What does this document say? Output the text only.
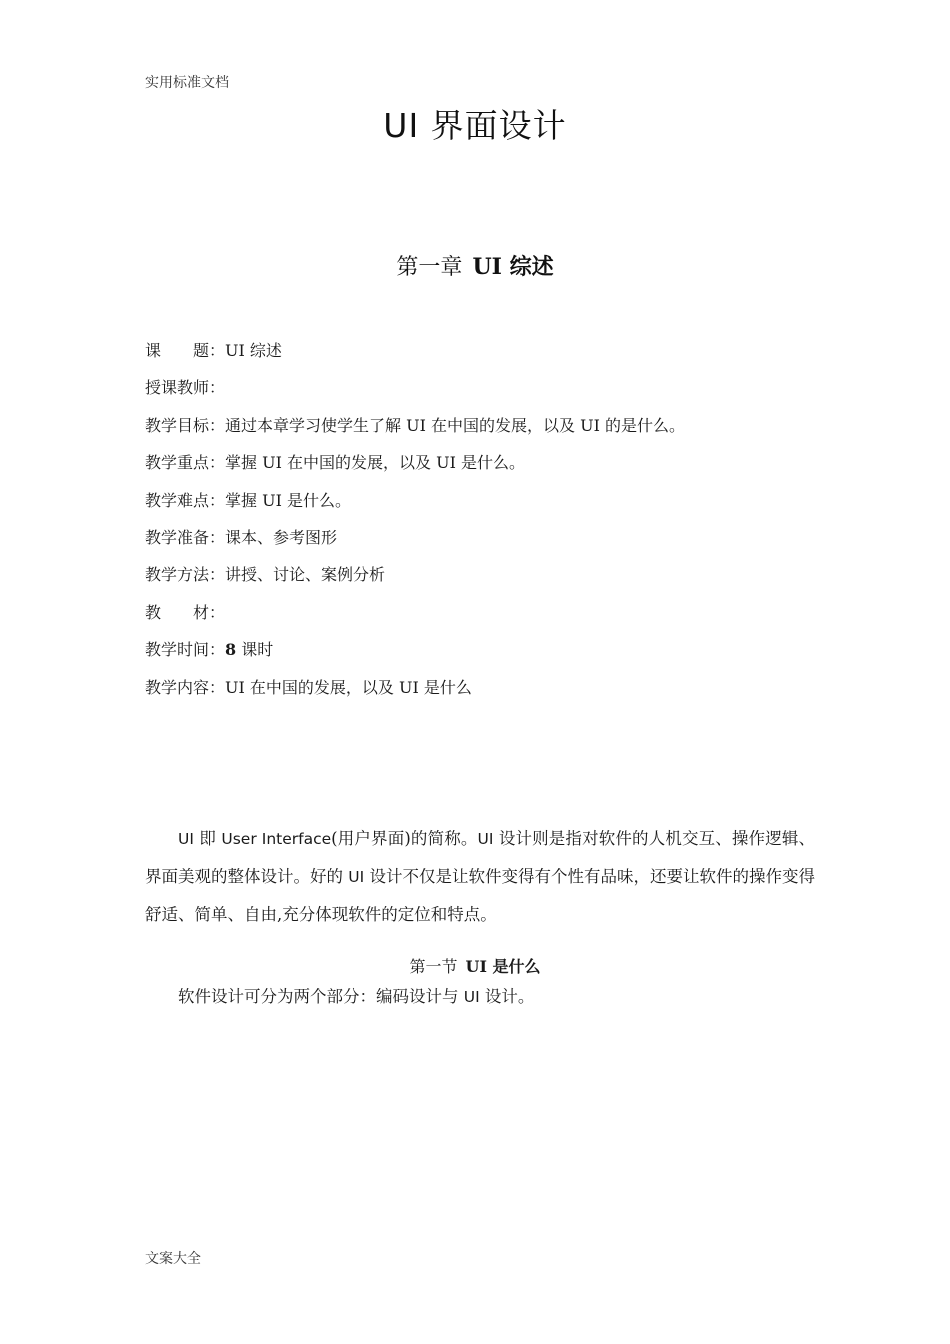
实用标准文档
UI 界面设计
第一章 UI 综述
课 题：UI 综述
授课教师：
教学目标：通过本章学习使学生了解 UI 在中国的发展，以及 UI 的是什么。
教学重点：掌握 UI 在中国的发展，以及 UI 是什么。
教学难点：掌握 UI 是什么。
教学准备：课本、参考图形
教学方法：讲授、讨论、案例分析
教 材：
教学时间：8 课时
教学内容：UI 在中国的发展，以及 UI 是什么
UI 即 User Interface(用户界面)的简称。UI 设计则是指对软件的人机交互、操作逻辑、界面美观的整体设计。好的 UI 设计不仅是让软件变得有个性有品味，还要让软件的操作变得舒适、简单、自由,充分体现软件的定位和特点。
第一节 UI 是什么
软件设计可分为两个部分：编码设计与 UI 设计。
文案大全
